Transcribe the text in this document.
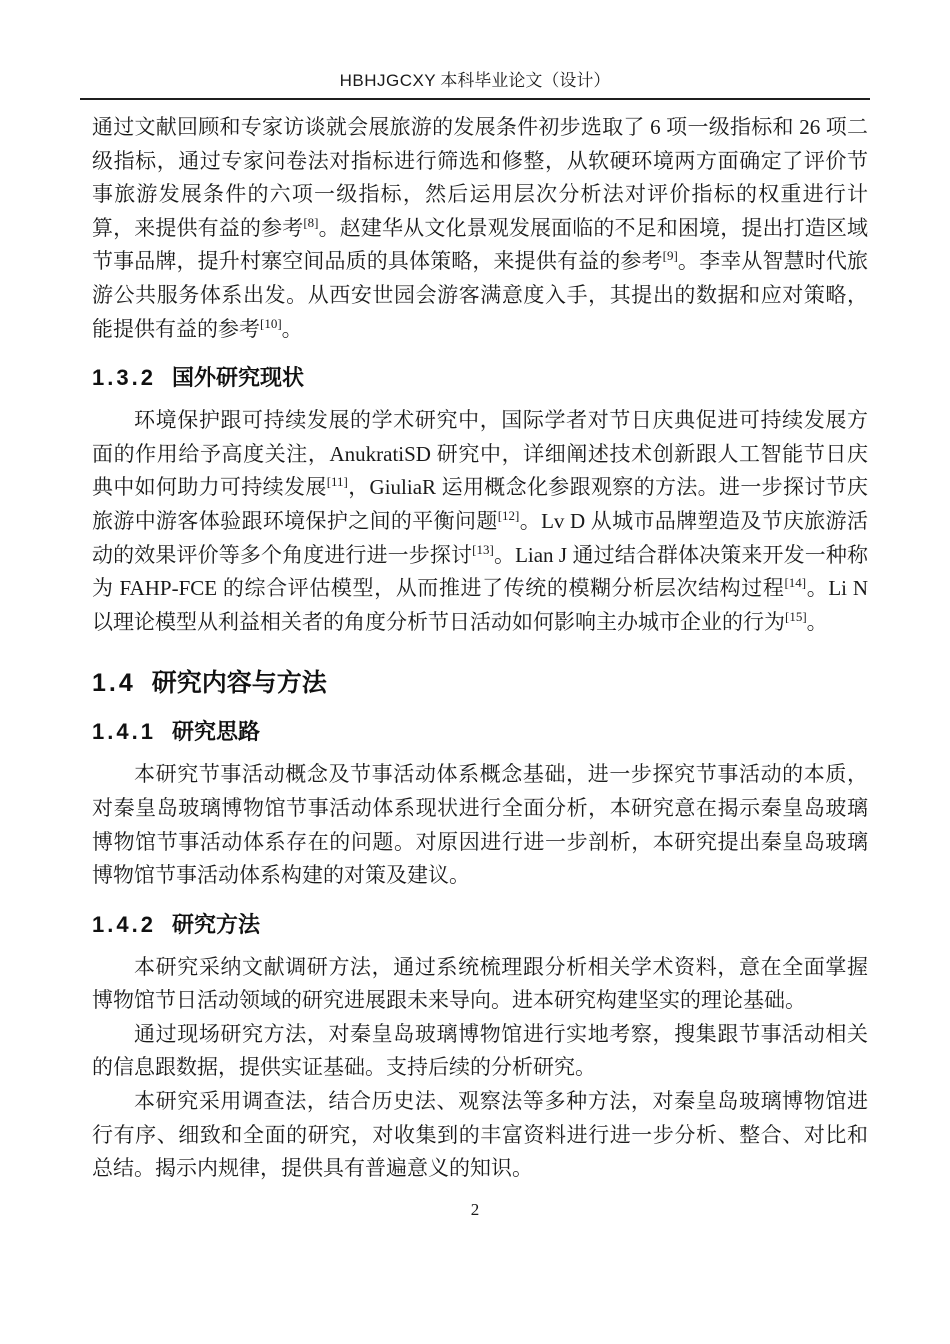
HBHJGCXY 本科毕业论文（设计）

通过文献回顾和专家访谈就会展旅游的发展条件初步选取了 6 项一级指标和 26 项二级指标，通过专家问卷法对指标进行筛选和修整，从软硬环境两方面确定了评价节事旅游发展条件的六项一级指标，然后运用层次分析法对评价指标的权重进行计算，来提供有益的参考[8]。赵建华从文化景观发展面临的不足和困境，提出打造区域节事品牌，提升村寨空间品质的具体策略，来提供有益的参考[9]。李幸从智慧时代旅游公共服务体系出发。从西安世园会游客满意度入手，其提出的数据和应对策略，能提供有益的参考[10]。

1.3.2 国外研究现状

环境保护跟可持续发展的学术研究中，国际学者对节日庆典促进可持续发展方面的作用给予高度关注，AnukratiSD 研究中，详细阐述技术创新跟人工智能节日庆典中如何助力可持续发展[11]，GiuliaR 运用概念化参跟观察的方法。进一步探讨节庆旅游中游客体验跟环境保护之间的平衡问题[12]。Lv D 从城市品牌塑造及节庆旅游活动的效果评价等多个角度进行进一步探讨[13]。Lian J 通过结合群体决策来开发一种称为 FAHP-FCE 的综合评估模型，从而推进了传统的模糊分析层次结构过程[14]。Li N 以理论模型从利益相关者的角度分析节日活动如何影响主办城市企业的行为[15]。

1.4 研究内容与方法
1.4.1 研究思路

本研究节事活动概念及节事活动体系概念基础，进一步探究节事活动的本质，对秦皇岛玻璃博物馆节事活动体系现状进行全面分析，本研究意在揭示秦皇岛玻璃博物馆节事活动体系存在的问题。对原因进行进一步剖析，本研究提出秦皇岛玻璃博物馆节事活动体系构建的对策及建议。

1.4.2 研究方法

本研究采纳文献调研方法，通过系统梳理跟分析相关学术资料，意在全面掌握博物馆节日活动领域的研究进展跟未来导向。进本研究构建坚实的理论基础。

通过现场研究方法，对秦皇岛玻璃博物馆进行实地考察，搜集跟节事活动相关的信息跟数据，提供实证基础。支持后续的分析研究。

本研究采用调查法，结合历史法、观察法等多种方法，对秦皇岛玻璃博物馆进行有序、细致和全面的研究，对收集到的丰富资料进行进一步分析、整合、对比和总结。揭示内规律，提供具有普遍意义的知识。

2
